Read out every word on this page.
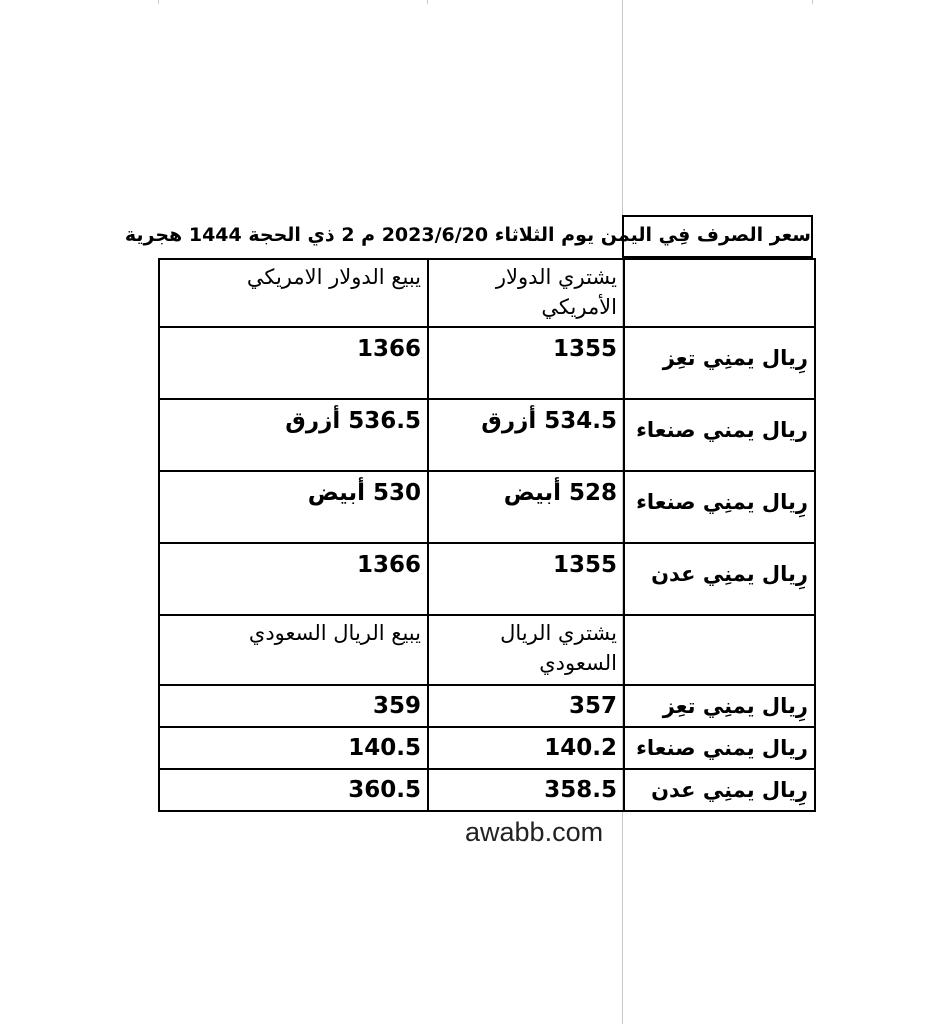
سعر الصرف فِي اليمن يوم الثلاثاء 2023/6/20 م 2 ذي الحجة 1444 هجرية
	يشتري الدولار الأمريكي	يبيع الدولار الامريكي
رِيال يمنِي تعِز	1355	1366
ريال يمني صنعاء	534.5 أزرق	536.5 أزرق
رِيال يمنِي صنعاء	528 أبيض	530 أبيض
رِيال يمنِي عدن	1355	1366
	يشتري الريال السعودي	يبيع الريال السعودي
رِيال يمنِي تعِز	357	359
ريال يمني صنعاء	140.2	140.5
رِيال يمنِي عدن	358.5	360.5
awabb.com
